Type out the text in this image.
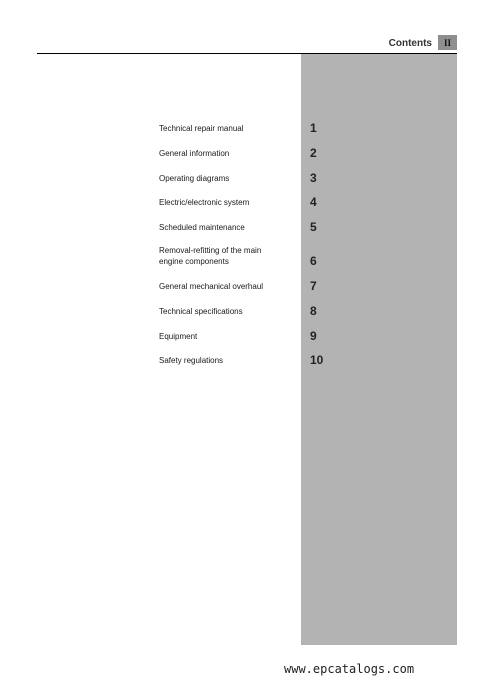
Contents	II
Technical repair manual	1
General information	2
Operating diagrams	3
Electric/electronic system	4
Scheduled maintenance	5
Removal-refitting of the main engine components	6
General mechanical overhaul	7
Technical specifications	8
Equipment	9
Safety regulations	10
www.epcatalogs.com
